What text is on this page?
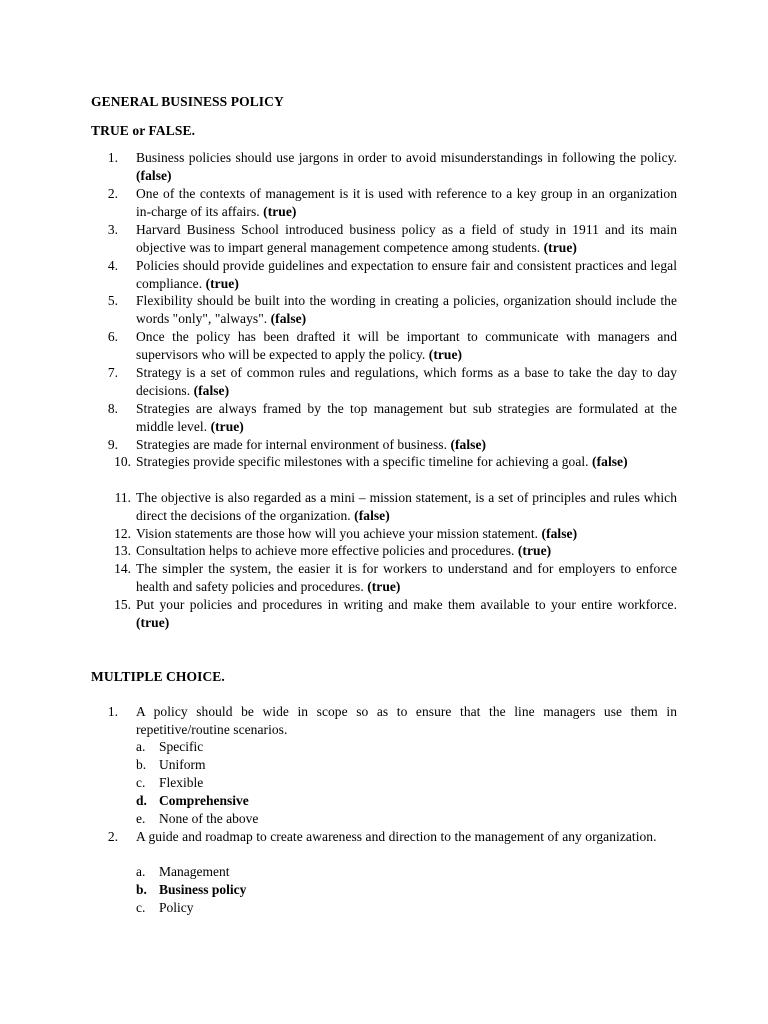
GENERAL BUSINESS POLICY
TRUE or FALSE.
1. Business policies should use jargons in order to avoid misunderstandings in following the policy. (false)
2. One of the contexts of management is it is used with reference to a key group in an organization in-charge of its affairs. (true)
3. Harvard Business School introduced business policy as a field of study in 1911 and its main objective was to impart general management competence among students. (true)
4. Policies should provide guidelines and expectation to ensure fair and consistent practices and legal compliance. (true)
5. Flexibility should be built into the wording in creating a policies, organization should include the words "only", "always". (false)
6. Once the policy has been drafted it will be important to communicate with managers and supervisors who will be expected to apply the policy. (true)
7. Strategy is a set of common rules and regulations, which forms as a base to take the day to day decisions. (false)
8. Strategies are always framed by the top management but sub strategies are formulated at the middle level. (true)
9. Strategies are made for internal environment of business. (false)
10. Strategies provide specific milestones with a specific timeline for achieving a goal. (false)
11. The objective is also regarded as a mini – mission statement, is a set of principles and rules which direct the decisions of the organization. (false)
12. Vision statements are those how will you achieve your mission statement. (false)
13. Consultation helps to achieve more effective policies and procedures. (true)
14. The simpler the system, the easier it is for workers to understand and for employers to enforce health and safety policies and procedures. (true)
15. Put your policies and procedures in writing and make them available to your entire workforce. (true)
MULTIPLE CHOICE.
1. A policy should be wide in scope so as to ensure that the line managers use them in repetitive/routine scenarios.
a. Specific
b. Uniform
c. Flexible
d. Comprehensive
e. None of the above
2. A guide and roadmap to create awareness and direction to the management of any organization.
a. Management
b. Business policy
c. Policy
